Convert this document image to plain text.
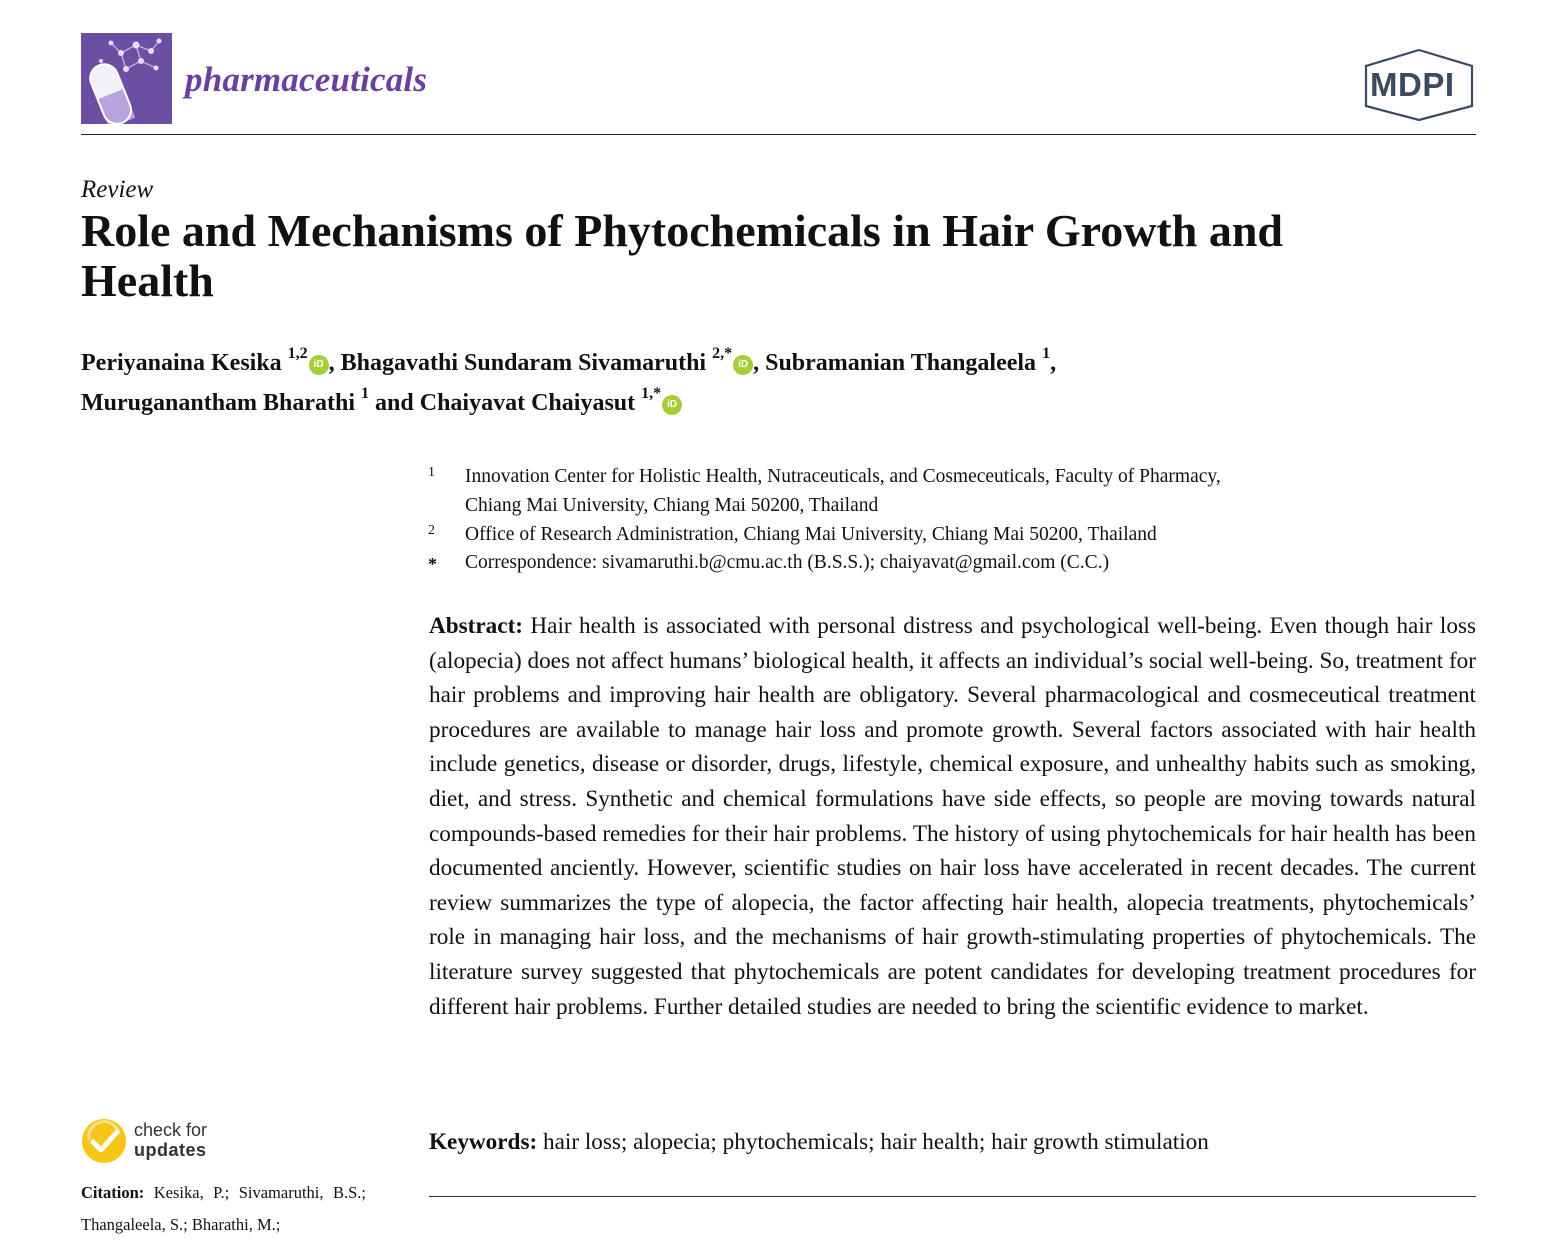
pharmaceuticals	MDPI
Review
Role and Mechanisms of Phytochemicals in Hair Growth and Health
Periyanaina Kesika $^{1,2}$iD , Bhagavathi Sundaram Sivamaruthi $^{2,*}$iD , Subramanian Thangaleela $^1$,
Muruganantham Bharathi $^1$ and Chaiyavat Chaiyasut $^{1,*}$iD
1 Innovation Center for Holistic Health, Nutraceuticals, and Cosmeceuticals, Faculty of Pharmacy,
Chiang Mai University, Chiang Mai 50200, Thailand
2 Office of Research Administration, Chiang Mai University, Chiang Mai 50200, Thailand
* Correspondence: sivamaruthi.b@cmu.ac.th (B.S.S.); chaiyavat@gmail.com (C.C.)
Abstract: Hair health is associated with personal distress and psychological well-being. Even though hair loss (alopecia) does not affect humans’ biological health, it affects an individual’s social well-being. So, treatment for hair problems and improving hair health are obligatory. Several pharmacological and cosmeceutical treatment procedures are available to manage hair loss and promote growth. Several factors associated with hair health include genetics, disease or disorder, drugs, lifestyle, chemical exposure, and unhealthy habits such as smoking, diet, and stress. Synthetic and chemical formulations have side effects, so people are moving towards natural compounds-based remedies for their hair problems. The history of using phytochemicals for hair health has been documented anciently. However, scientific studies on hair loss have accelerated in recent decades. The current review summarizes the type of alopecia, the factor affecting hair health, alopecia treatments, phytochemicals’ role in managing hair loss, and the mechanisms of hair growth-stimulating properties of phytochemicals. The literature survey suggested that phytochemicals are potent candidates for developing treatment procedures for different hair problems. Further detailed studies are needed to bring the scientific evidence to market.
Keywords: hair loss; alopecia; phytochemicals; hair health; hair growth stimulation
check for
updates
Citation: Kesika, P.; Sivamaruthi, B.S.; Thangaleela, S.; Bharathi, M.;
